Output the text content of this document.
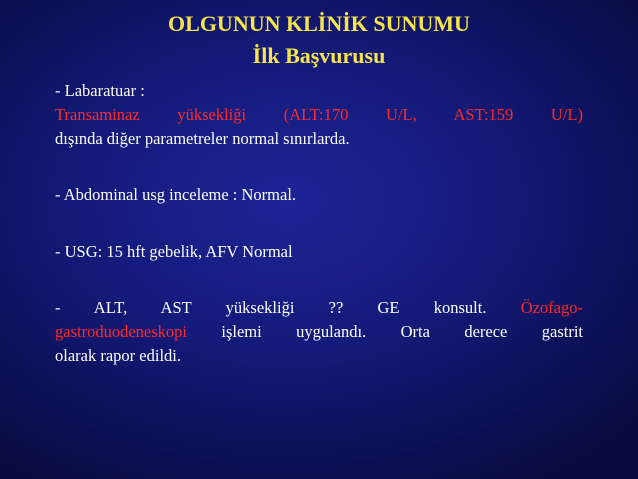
OLGUNUN KLİNİK SUNUMU
İlk Başvurusu

- Labaratuar :

Transaminaz yüksekliği (ALT:170 U/L, AST:159 U/L)

dışında diğer parametreler normal sınırlarda.

- Abdominal usg inceleme : Normal.

- USG: 15 hft gebelik, AFV Normal

- ALT, AST yüksekliği ?? GE konsult. Özofago-

gastroduodeneskopi işlemi uygulandı. Orta derece gastrit

olarak rapor edildi.
